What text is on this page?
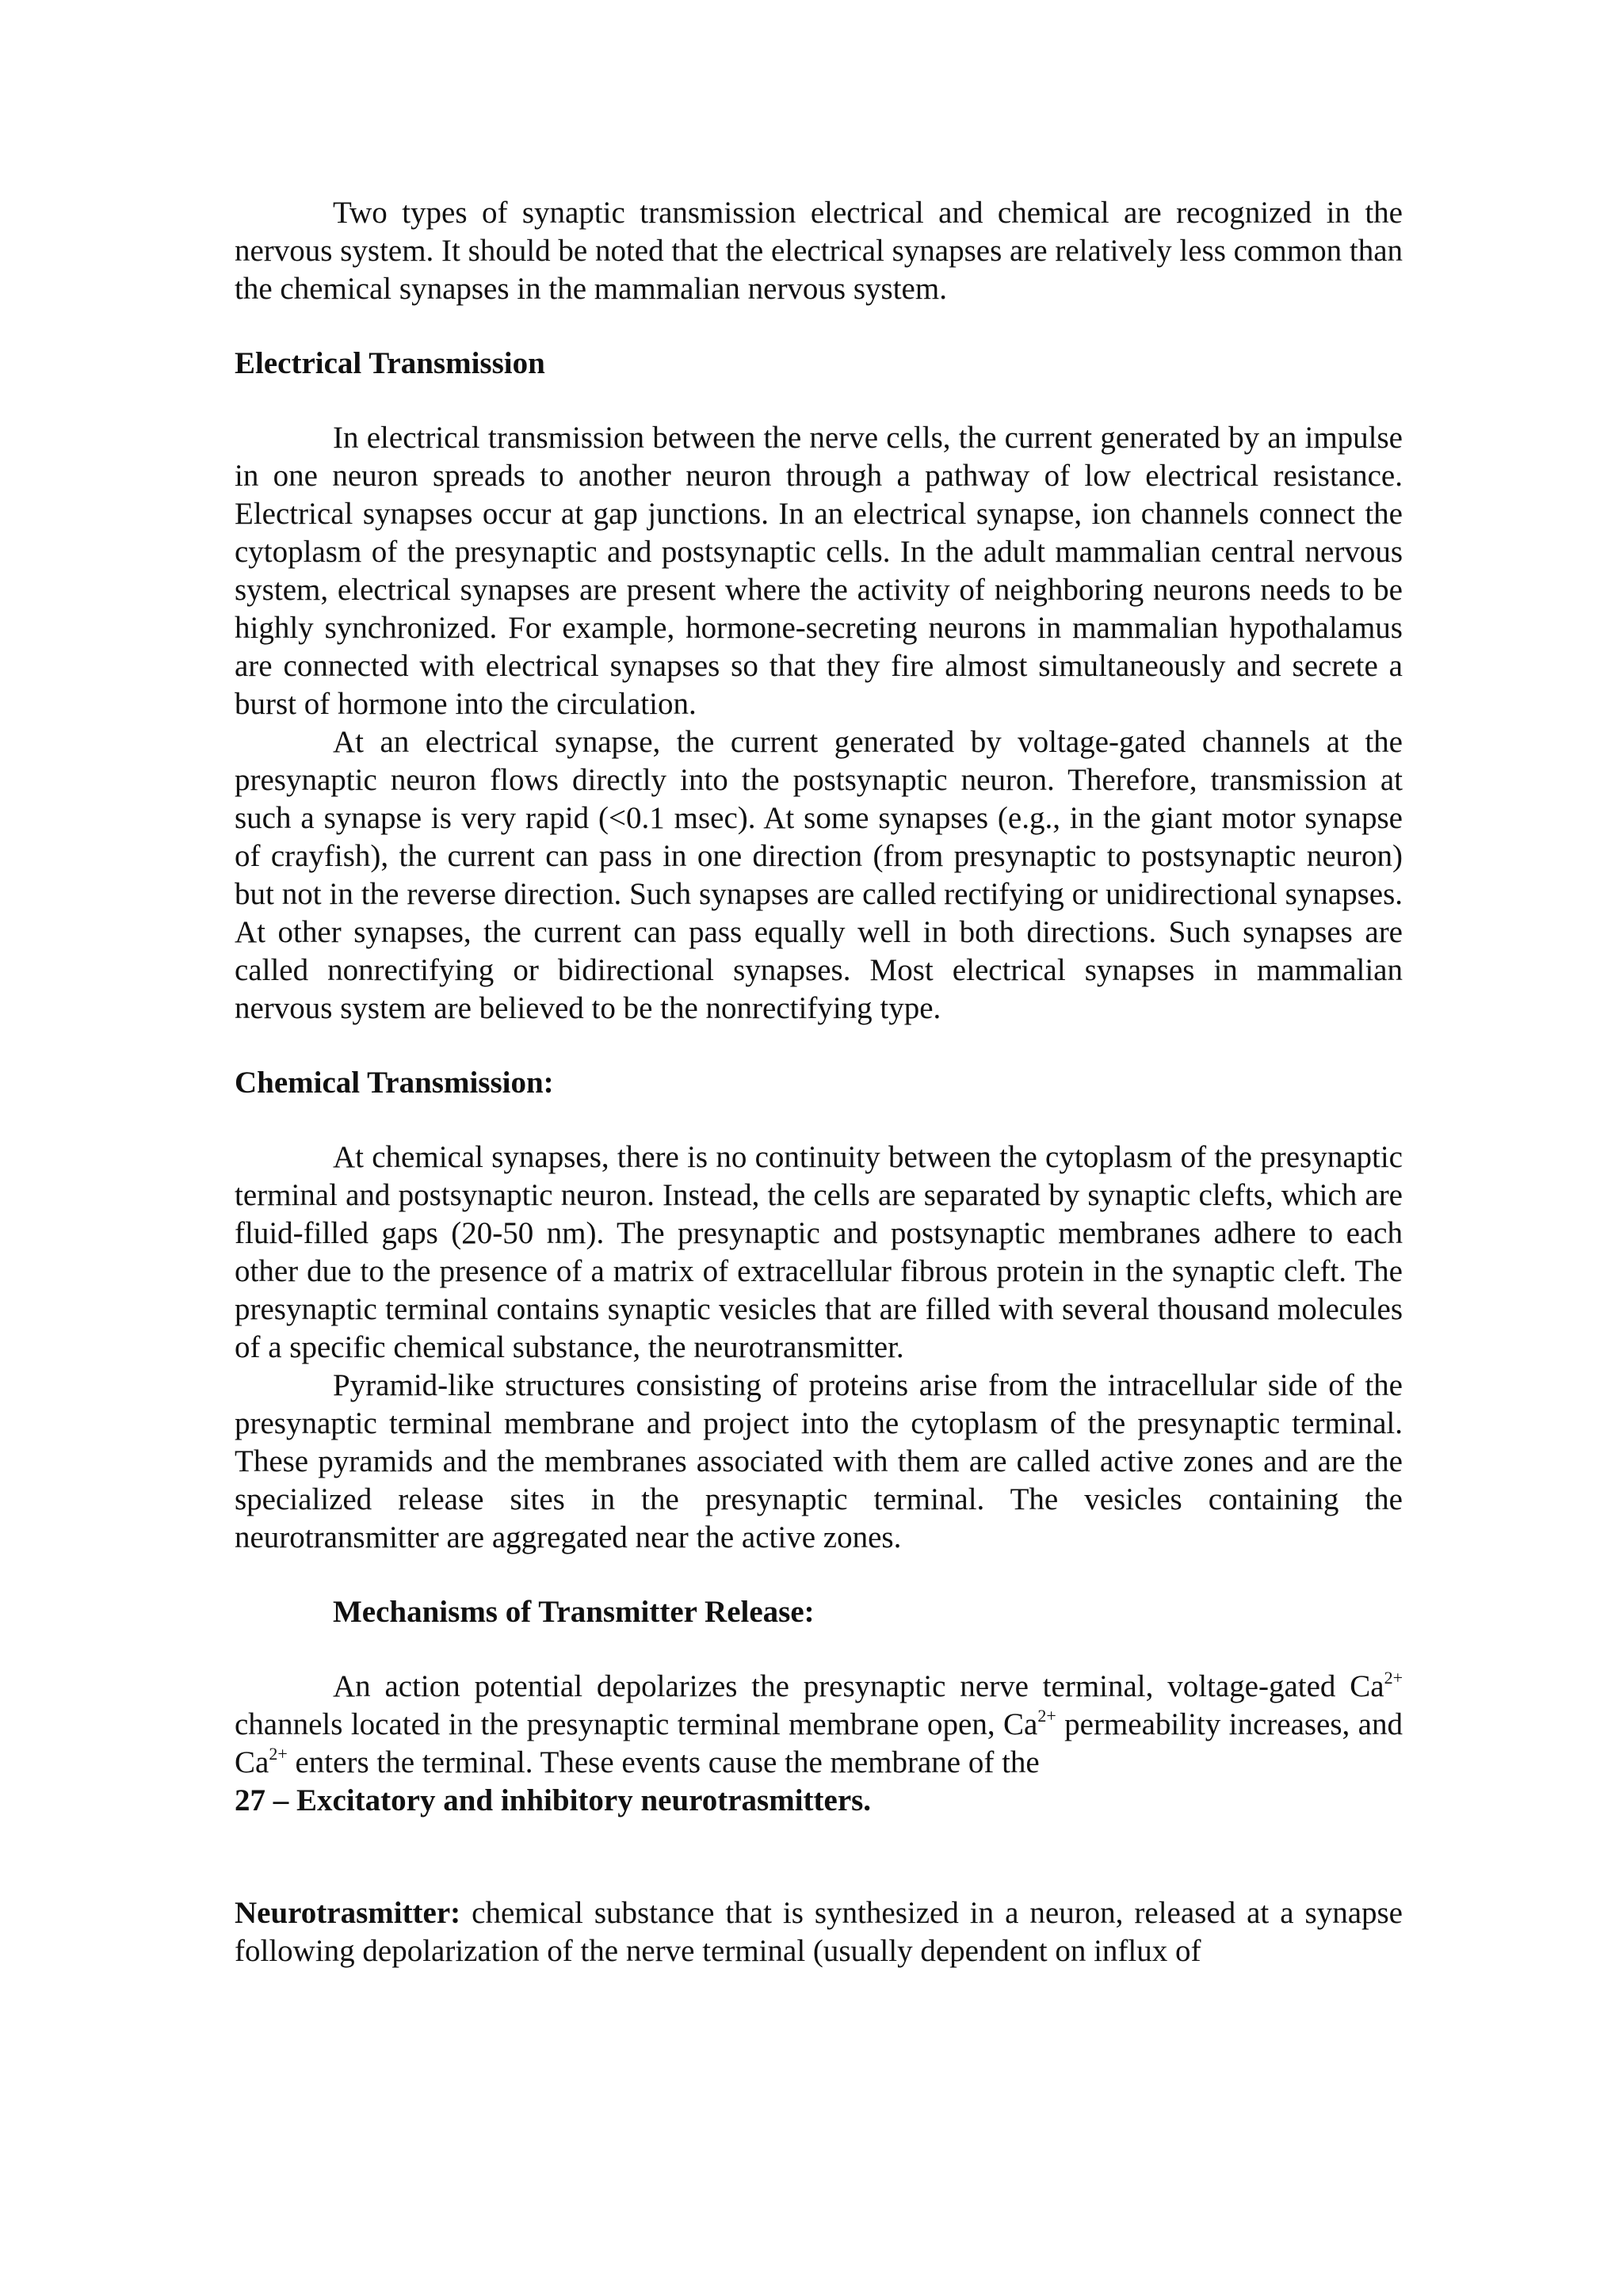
Two types of synaptic transmission electrical and chemical are recognized in the nervous system. It should be noted that the electrical synapses are relatively less common than the chemical synapses in the mammalian nervous system.

Electrical Transmission

In electrical transmission between the nerve cells, the current generated by an impulse in one neuron spreads to another neuron through a pathway of low electrical resistance. Electrical synapses occur at gap junctions. In an electrical synapse, ion channels connect the cytoplasm of the presynaptic and postsynaptic cells. In the adult mammalian central nervous system, electrical synapses are present where the activity of neighboring neurons needs to be highly synchronized. For example, hormone-secreting neurons in mammalian hypothalamus are connected with electrical synapses so that they fire almost simultaneously and secrete a burst of hormone into the circulation.

At an electrical synapse, the current generated by voltage-gated channels at the presynaptic neuron flows directly into the postsynaptic neuron. Therefore, transmission at such a synapse is very rapid (<0.1 msec). At some synapses (e.g., in the giant motor synapse of crayfish), the current can pass in one direction (from presynaptic to postsynaptic neuron) but not in the reverse direction. Such synapses are called rectifying or unidirectional synapses. At other synapses, the current can pass equally well in both directions. Such synapses are called nonrectifying or bidirectional synapses. Most electrical synapses in mammalian nervous system are believed to be the nonrectifying type.

Chemical Transmission:

At chemical synapses, there is no continuity between the cytoplasm of the presynaptic terminal and postsynaptic neuron. Instead, the cells are separated by synaptic clefts, which are fluid-filled gaps (20-50 nm). The presynaptic and postsynaptic membranes adhere to each other due to the presence of a matrix of extracellular fibrous protein in the synaptic cleft. The presynaptic terminal contains synaptic vesicles that are filled with several thousand molecules of a specific chemical substance, the neurotransmitter.

Pyramid-like structures consisting of proteins arise from the intracellular side of the presynaptic terminal membrane and project into the cytoplasm of the presynaptic terminal. These pyramids and the membranes associated with them are called active zones and are the specialized release sites in the presynaptic terminal. The vesicles containing the neurotransmitter are aggregated near the active zones.

Mechanisms of Transmitter Release:

An action potential depolarizes the presynaptic nerve terminal, voltage-gated $Ca^{2+}$ channels located in the presynaptic terminal membrane open, $Ca^{2+}$ permeability increases, and $Ca^{2+}$ enters the terminal. These events cause the membrane of the

27 – Excitatory and inhibitory neurotrasmitters.

Neurotrasmitter: chemical substance that is synthesized in a neuron, released at a synapse following depolarization of the nerve terminal (usually dependent on influx of
